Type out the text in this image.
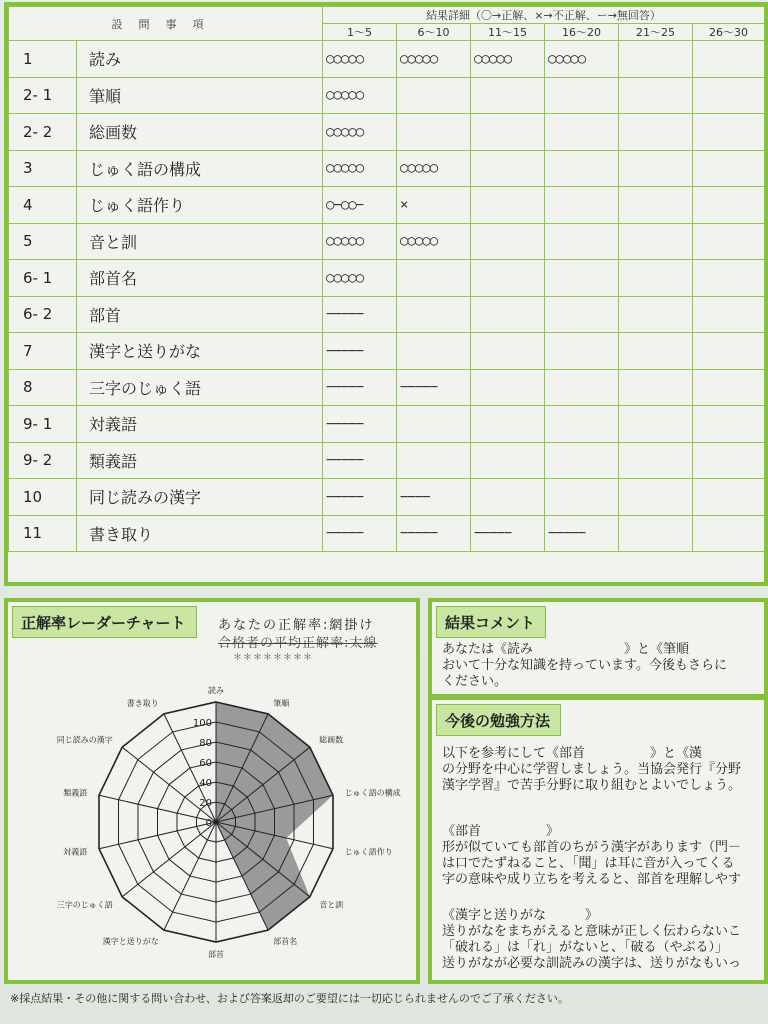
設問事項		結果詳細（〇→正解、×→不正解、ー→無回答）					
		1～5	6～10	11～15	16～20	21～25	26～30
1	読み	○○○○○	○○○○○	○○○○○	○○○○○		
2- 1	筆順	○○○○○					
2- 2	総画数	○○○○○					
3	じゅく語の構成	○○○○○	○○○○○				
4	じゅく語作り	○−○○−	×				
5	音と訓	○○○○○	○○○○○				
6- 1	部首名	○○○○○					
6- 2	部首	−−−−−					
7	漢字と送りがな	−−−−−					
8	三字のじゅく語	−−−−−	−−−−−				
9- 1	対義語	−−−−−					
9- 2	類義語	−−−−−					
10	同じ読みの漢字	−−−−−	−−−−				
11	書き取り	−−−−−	−−−−−	−−−−−	−−−−−		
正解率レーダーチャート	あなたの正解率:網掛け
合格者の平均正解率:太線
＊＊＊＊＊＊＊＊
100
80
60
40
20
0
読み
筆順
総画数
じゅく語の構成
じゅく語作り
音と訓
部首名
部首
漢字と送りがな
三字のじゅく語
対義語
類義語
同じ読みの漢字
書き取り
結果コメント
あなたは《読み　　　　　　　》と《筆順
おいて十分な知識を持っています。今後もさらに
ください。
今後の勉強方法
以下を参考にして《部首　　　　　》と《漢
の分野を中心に学習しましょう。当協会発行『分野
漢字学習』で苦手分野に取り組むとよいでしょう。
《部首　　　　　》
形が似ていても部首のちがう漢字があります（門－
は口でたずねること、「聞」は耳に音が入ってくる
字の意味や成り立ちを考えると、部首を理解しやす
《漢字と送りがな　　　》
送りがなをまちがえると意味が正しく伝わらないこ
「破れる」は「れ」がないと、「破る（やぶる）」
送りがなが必要な訓読みの漢字は、送りがなもいっ
※採点結果・その他に関する問い合わせ、および答案返却のご要望には一切応じられませんのでご了承ください。
